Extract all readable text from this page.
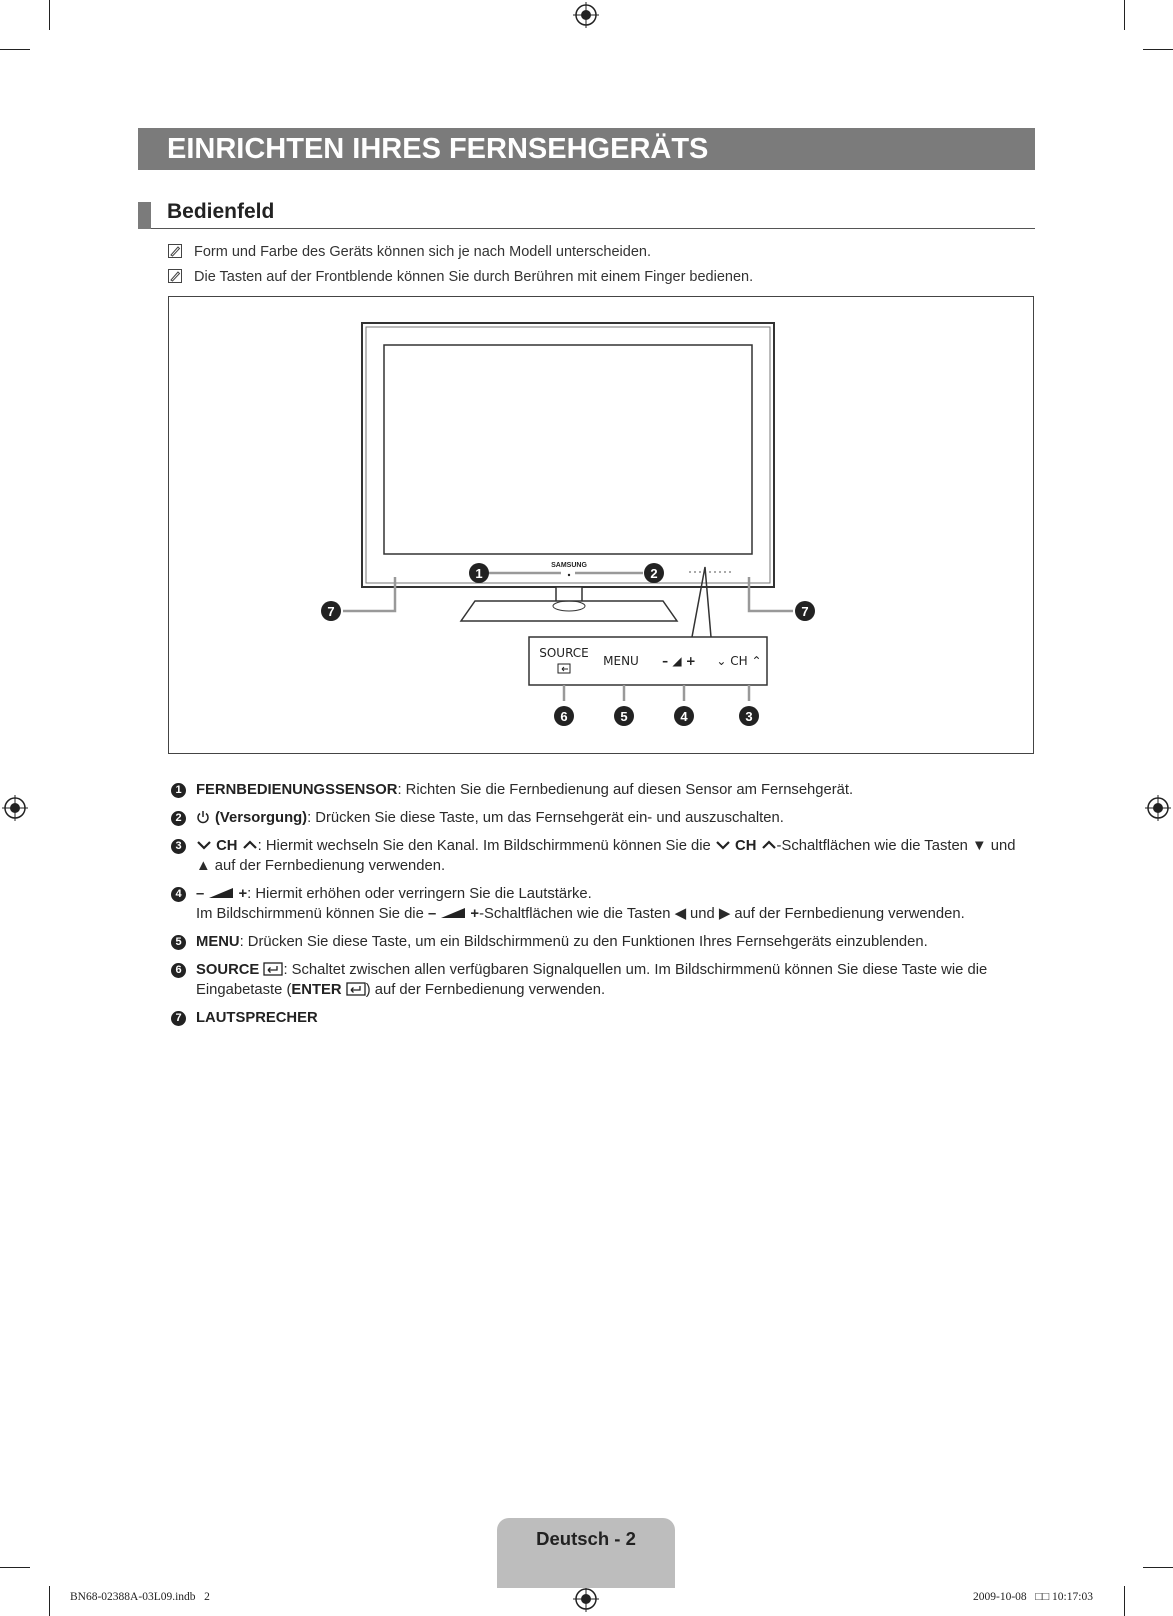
EINRICHTEN IHRES FERNSEHGERÄTS
Bedienfeld
Form und Farbe des Geräts können sich je nach Modell unterscheiden.
Die Tasten auf der Frontblende können Sie durch Berühren mit einem Finger bedienen.
SAMSUNG
SOURCE
MENU – ◢ + ⌄ CH ⌃
1	2
7	7
6	5	4	3
1 FERNBEDIENUNGSSENSOR: Richten Sie die Fernbedienung auf diesen Sensor am Fernsehgerät.
2 (Versorgung): Drücken Sie diese Taste, um das Fernsehgerät ein- und auszuschalten.
3 CH : Hiermit wechseln Sie den Kanal. Im Bildschirmmenü können Sie die  CH -Schaltflächen wie die Tasten ▼ und ▲ auf der Fernbedienung verwenden.
4 – +: Hiermit erhöhen oder verringern Sie die Lautstärke.
Im Bildschirmmenü können Sie die – +-Schaltflächen wie die Tasten ◀ und ▶ auf der Fernbedienung verwenden.
5 MENU: Drücken Sie diese Taste, um ein Bildschirmmenü zu den Funktionen Ihres Fernsehgeräts einzublenden.
6 SOURCE : Schaltet zwischen allen verfügbaren Signalquellen um. Im Bildschirmmenü können Sie diese Taste wie die Eingabetaste (ENTER ) auf der Fernbedienung verwenden.
7 LAUTSPRECHER
Deutsch - 2
BN68-02388A-03L09.indb   2	2009-10-08   □□ 10:17:03
